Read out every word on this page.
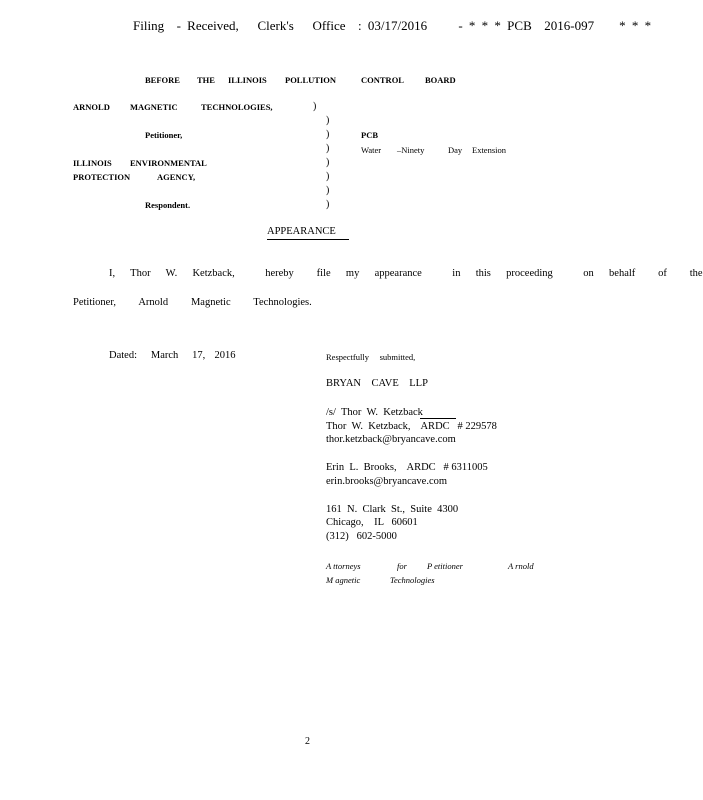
Filing  - Received,   Clerk's   Office  : 03/17/2016     - * * * PCB  2016-097    * * *
BEFORE THE ILLINOIS POLLUTION	CONTROL BOARD
ARNOLD MAGNETIC	TECHNOLOGIES,	)
)
)
)
)
)
)
)
Petitioner,	PCB
Water –Ninety	Day Extension
ILLINOIS ENVIRONMENTAL
PROTECTION	AGENCY,
Respondent.
APPEARANCE
I,  Thor  W.  Ketzback,    hereby   file  my  appearance    in  this  proceeding    on  behalf   of   the
Petitioner,   Arnold   Magnetic   Technologies.
Dated:   March   17,  2016	Respectfully     submitted,
BRYAN    CAVE    LLP
/s/  Thor  W.  Ketzback
Thor  W.  Ketzback,    ARDC   # 229578
thor.ketzback@bryancave.com
Erin  L.  Brooks,    ARDC   # 6311005
erin.brooks@bryancave.com
161  N.  Clark  St.,  Suite  4300
Chicago,    IL   60601
(312)   602-5000
A ttorneys	for P etitioner	A rnold
M agnetic	Technologies
2
